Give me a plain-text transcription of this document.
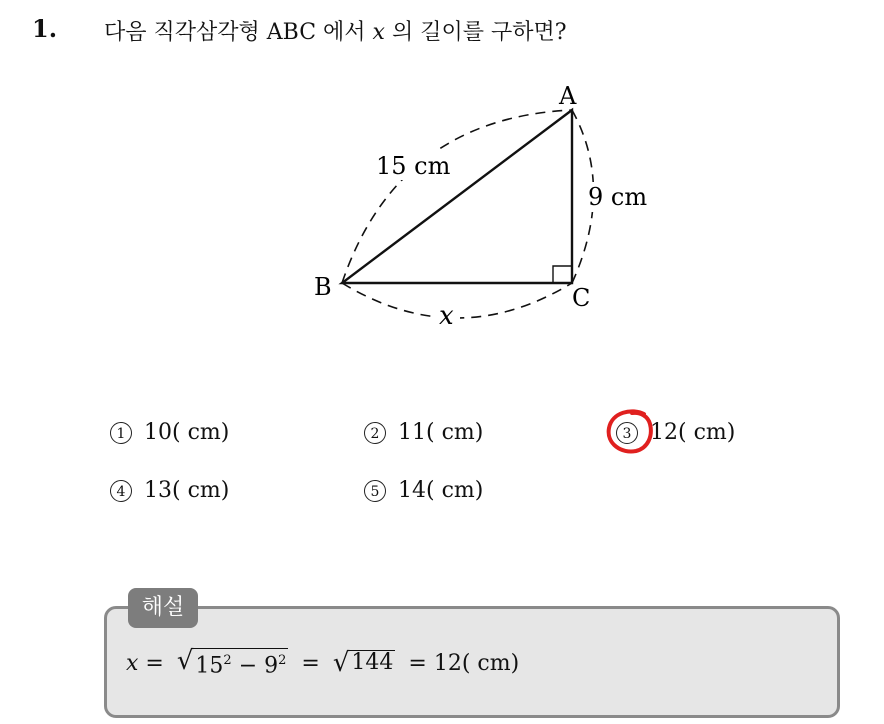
1. 다음 직각삼각형 ABC 에서 x 의 길이를 구하면?
A
B	C
15 cm
9 cm
x
1 10( cm)	2 11( cm)	3 12( cm)
4 13( cm)	5 14( cm)
해설
x = √ $15^2 - 9^2$ = √ 144 = 12( cm)
